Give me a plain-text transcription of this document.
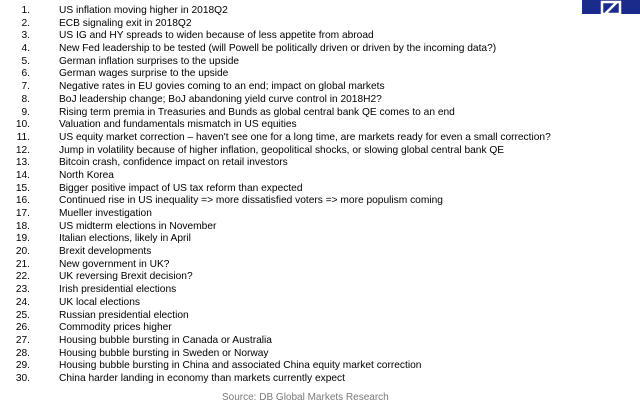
1.	US inflation moving higher in 2018Q2
2.	ECB signaling exit in 2018Q2
3.	US IG and HY spreads to widen because of less appetite from abroad
4.	New Fed leadership to be tested (will Powell be politically driven or driven by the incoming data?)
5.	German inflation surprises to the upside
6.	German wages surprise to the upside
7.	Negative rates in EU govies coming to an end; impact on global markets
8.	BoJ leadership change; BoJ abandoning yield curve control in 2018H2?
9.	Rising term premia in Treasuries and Bunds as global central bank QE comes to an end
10.	Valuation and fundamentals mismatch in US equities
11.	US equity market correction – haven't see one for a long time, are markets ready for even a small correction?
12.	Jump in volatility because of higher inflation, geopolitical shocks, or slowing global central bank QE
13.	Bitcoin crash, confidence impact on retail investors
14.	North Korea
15.	Bigger positive impact of US tax reform than expected
16.	Continued rise in US inequality => more dissatisfied voters => more populism coming
17.	Mueller investigation
18.	US midterm elections in November
19.	Italian elections, likely in April
20.	Brexit developments
21.	New government in UK?
22.	UK reversing Brexit decision?
23.	Irish presidential elections
24.	UK local elections
25.	Russian presidential election
26.	Commodity prices higher
27.	Housing bubble bursting in Canada or Australia
28.	Housing bubble bursting in Sweden or Norway
29.	Housing bubble bursting in China and associated China equity market correction
30.	China harder landing in economy than markets currently expect
Source: DB Global Markets Research
